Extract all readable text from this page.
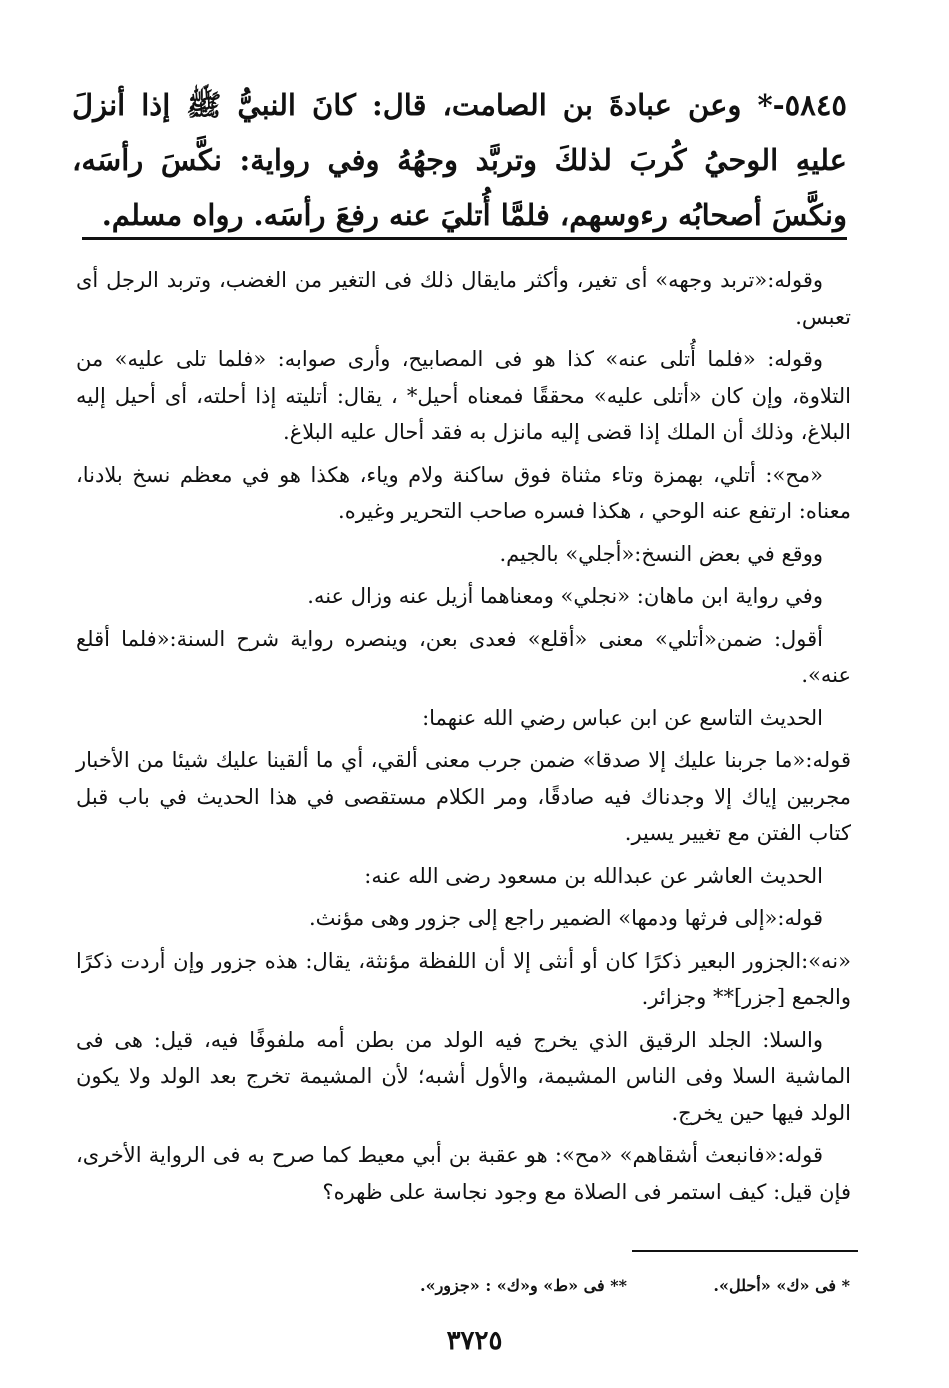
٥٨٤٥-* وعن عبادةَ بن الصامت، قال: كانَ النبيُّ ﷺ إذا أنزلَ عليهِ الوحيُ كُربَ لذلكَ وتربَّد وجهُهُ وفي رواية: نكَّسَ رأسَه، ونكَّسَ أصحابُه رءوسهم، فلمَّا أُتليَ عنه رفعَ رأسَه. رواه مسلم.

وقوله:«تربد وجهه» أى تغير، وأكثر مايقال ذلك فى التغير من الغضب، وتربد الرجل أى تعبس.

وقوله: «فلما أُتلى عنه» كذا هو فى المصابيح، وأرى صوابه: «فلما تلى عليه» من التلاوة، وإن كان «أتلى عليه» محققًا فمعناه أحيل* ، يقال: أتليته إذا أحلته، أى أحيل إليه البلاغ، وذلك أن الملك إذا قضى إليه مانزل به فقد أحال عليه البلاغ.

«مح»: أتلي، بهمزة وتاء مثناة فوق ساكنة ولام وياء، هكذا هو في معظم نسخ بلادنا، معناه: ارتفع عنه الوحي ، هكذا فسره صاحب التحرير وغيره.

ووقع في بعض النسخ:«أجلي» بالجيم.

وفي رواية ابن ماهان: «نجلي» ومعناهما أزيل عنه وزال عنه.

أقول: ضمن«أتلي» معنى «أقلع» فعدى بعن، وينصره رواية شرح السنة:«فلما أقلع عنه».

الحديث التاسع عن ابن عباس رضي الله عنهما:

قوله:«ما جربنا عليك إلا صدقا» ضمن جرب معنى ألقي، أي ما ألقينا عليك شيئا من الأخبار مجربين إياك إلا وجدناك فيه صادقًا، ومر الكلام مستقصى في هذا الحديث في باب قبل كتاب الفتن مع تغيير يسير.

الحديث العاشر عن عبدالله بن مسعود رضى الله عنه:

قوله:«إلى فرثها ودمها» الضمير راجع إلى جزور وهى مؤنث.

«نه»:الجزور البعير ذكرًا كان أو أنثى إلا أن اللفظة مؤنثة، يقال: هذه جزور وإن أردت ذكرًا والجمع [جزر]** وجزائر.

والسلا: الجلد الرقيق الذي يخرج فيه الولد من بطن أمه ملفوفًا فيه، قيل: هى فى الماشية السلا وفى الناس المشيمة، والأول أشبه؛ لأن المشيمة تخرج بعد الولد ولا يكون الولد فيها حين يخرج.

قوله:«فانبعث أشقاهم» «مح»: هو عقبة بن أبي معيط كما صرح به فى الرواية الأخرى، فإن قيل: كيف استمر فى الصلاة مع وجود نجاسة على ظهره؟

* فى «ك» «أحلل».
** فى «ط» و«ك» : «جزور».
٣٧٢٥
